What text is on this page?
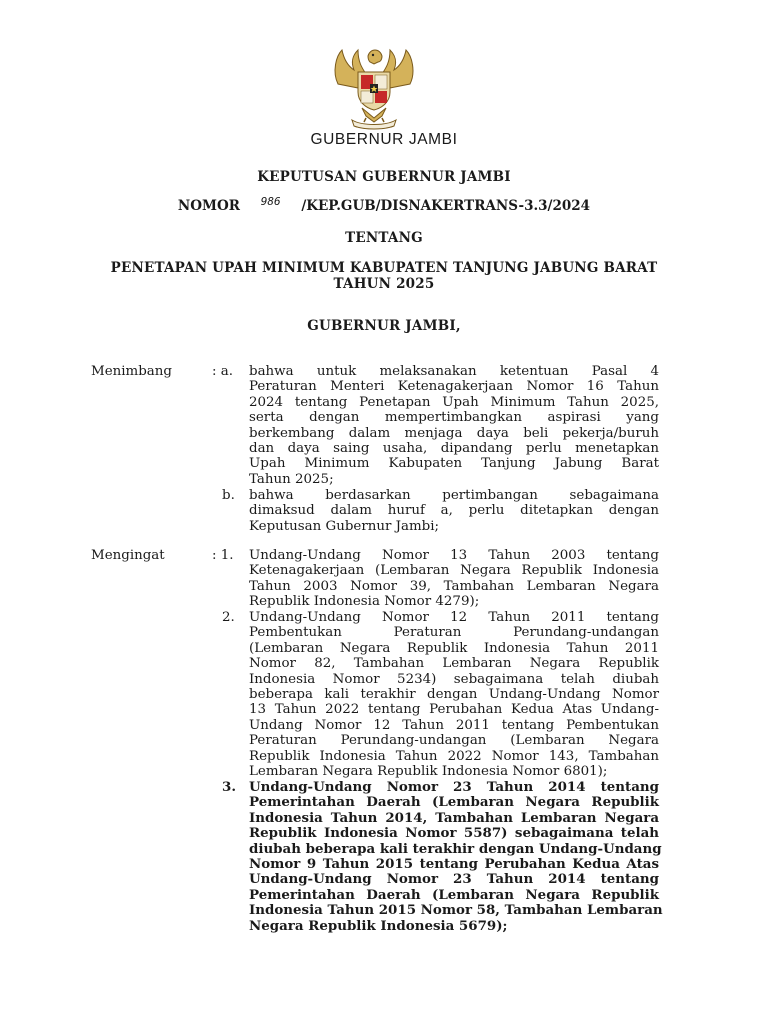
GUBERNUR JAMBI
KEPUTUSAN GUBERNUR JAMBI
NOMOR 986 /KEP.GUB/DISNAKERTRANS-3.3/2024
TENTANG
PENETAPAN UPAH MINIMUM KABUPATEN TANJUNG JABUNG BARAT
TAHUN 2025
GUBERNUR JAMBI,
Menimbang	: a.	bahwa untuk melaksanakan ketentuan Pasal 4
Peraturan Menteri Ketenagakerjaan Nomor 16 Tahun
2024 tentang Penetapan Upah Minimum Tahun 2025,
serta dengan mempertimbangkan aspirasi yang
berkembang dalam menjaga daya beli pekerja/buruh
dan daya saing usaha, dipandang perlu menetapkan
Upah Minimum Kabupaten Tanjung Jabung Barat
Tahun 2025;
b.	bahwa berdasarkan pertimbangan sebagaimana
dimaksud dalam huruf a, perlu ditetapkan dengan
Keputusan Gubernur Jambi;
Mengingat	: 1.	Undang-Undang Nomor 13 Tahun 2003 tentang
Ketenagakerjaan (Lembaran Negara Republik Indonesia
Tahun 2003 Nomor 39, Tambahan Lembaran Negara
Republik Indonesia Nomor 4279);
2.	Undang-Undang Nomor 12 Tahun 2011 tentang
Pembentukan Peraturan Perundang-undangan
(Lembaran Negara Republik Indonesia Tahun 2011
Nomor 82, Tambahan Lembaran Negara Republik
Indonesia Nomor 5234) sebagaimana telah diubah
beberapa kali terakhir dengan Undang-Undang Nomor
13 Tahun 2022 tentang Perubahan Kedua Atas Undang-
Undang Nomor 12 Tahun 2011 tentang Pembentukan
Peraturan Perundang-undangan (Lembaran Negara
Republik Indonesia Tahun 2022 Nomor 143, Tambahan
Lembaran Negara Republik Indonesia Nomor 6801);
3. Undang-Undang Nomor 23 Tahun 2014 tentang
Pemerintahan Daerah (Lembaran Negara Republik
Indonesia Tahun 2014, Tambahan Lembaran Negara
Republik Indonesia Nomor 5587) sebagaimana telah
diubah beberapa kali terakhir dengan Undang-Undang
Nomor 9 Tahun 2015 tentang Perubahan Kedua Atas
Undang-Undang Nomor 23 Tahun 2014 tentang
Pemerintahan Daerah (Lembaran Negara Republik
Indonesia Tahun 2015 Nomor 58, Tambahan Lembaran
Negara Republik Indonesia 5679);
